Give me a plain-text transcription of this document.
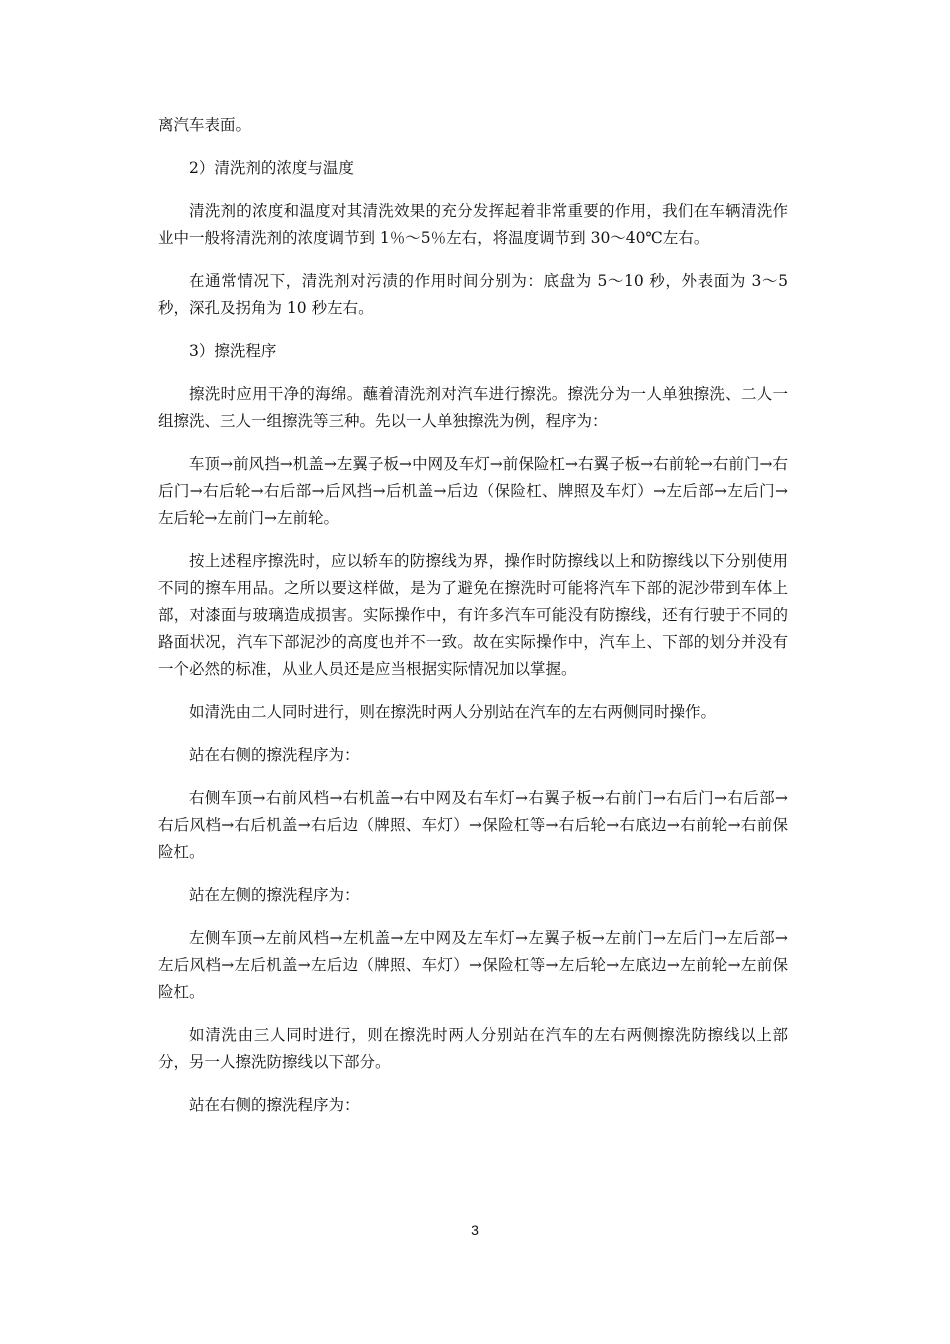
离汽车表面。

2）清洗剂的浓度与温度

清洗剂的浓度和温度对其清洗效果的充分发挥起着非常重要的作用，我们在车辆清洗作业中一般将清洗剂的浓度调节到 1％～5％左右，将温度调节到 30～40℃左右。

在通常情况下，清洗剂对污渍的作用时间分别为：底盘为 5～10 秒，外表面为 3～5 秒，深孔及拐角为 10 秒左右。

3）擦洗程序

擦洗时应用干净的海绵。蘸着清洗剂对汽车进行擦洗。擦洗分为一人单独擦洗、二人一组擦洗、三人一组擦洗等三种。先以一人单独擦洗为例，程序为：

车顶→前风挡→机盖→左翼子板→中网及车灯→前保险杠→右翼子板→右前轮→右前门→右后门→右后轮→右后部→后风挡→后机盖→后边（保险杠、牌照及车灯）→左后部→左后门→左后轮→左前门→左前轮。

按上述程序擦洗时，应以轿车的防擦线为界，操作时防擦线以上和防擦线以下分别使用不同的擦车用品。之所以要这样做，是为了避免在擦洗时可能将汽车下部的泥沙带到车体上部，对漆面与玻璃造成损害。实际操作中，有许多汽车可能没有防擦线，还有行驶于不同的路面状况，汽车下部泥沙的高度也并不一致。故在实际操作中，汽车上、下部的划分并没有一个必然的标准，从业人员还是应当根据实际情况加以掌握。

如清洗由二人同时进行，则在擦洗时两人分别站在汽车的左右两侧同时操作。

站在右侧的擦洗程序为：

右侧车顶→右前风档→右机盖→右中网及右车灯→右翼子板→右前门→右后门→右后部→右后风档→右后机盖→右后边（牌照、车灯）→保险杠等→右后轮→右底边→右前轮→右前保险杠。

站在左侧的擦洗程序为：

左侧车顶→左前风档→左机盖→左中网及左车灯→左翼子板→左前门→左后门→左后部→左后风档→左后机盖→左后边（牌照、车灯）→保险杠等→左后轮→左底边→左前轮→左前保险杠。

如清洗由三人同时进行，则在擦洗时两人分别站在汽车的左右两侧擦洗防擦线以上部分，另一人擦洗防擦线以下部分。

站在右侧的擦洗程序为：

3
